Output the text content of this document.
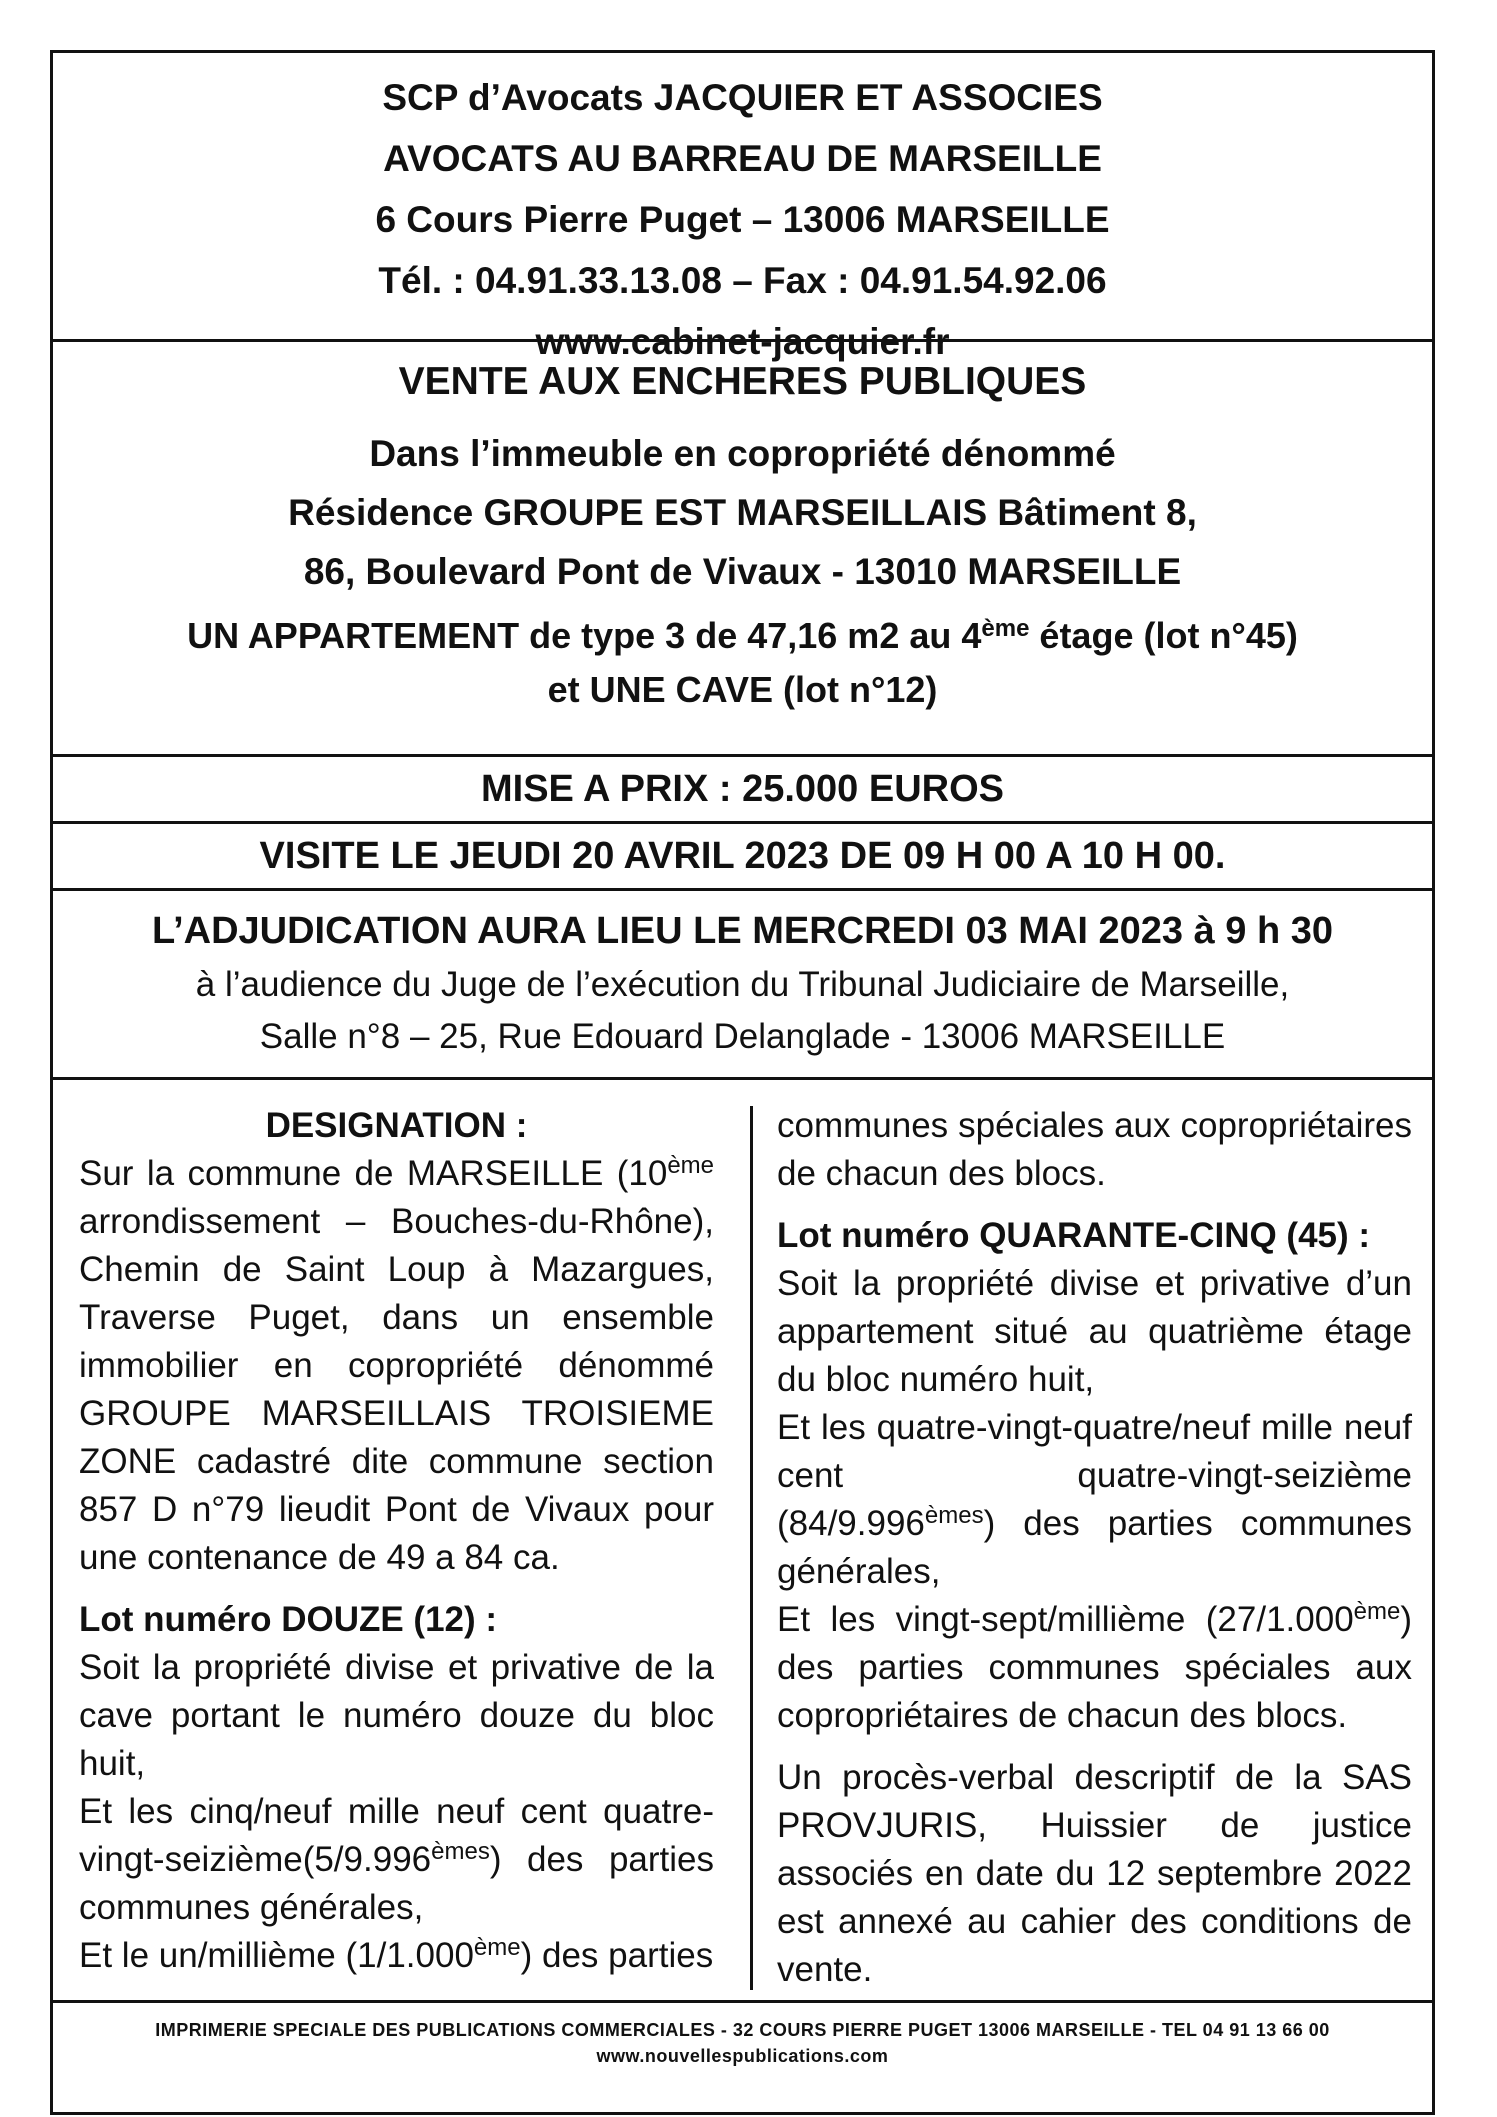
SCP d’Avocats JACQUIER ET ASSOCIES
AVOCATS AU BARREAU DE MARSEILLE
6 Cours Pierre Puget – 13006 MARSEILLE
Tél. : 04.91.33.13.08 – Fax : 04.91.54.92.06
www.cabinet-jacquier.fr
VENTE AUX ENCHERES PUBLIQUES
Dans l’immeuble en copropriété dénommé
Résidence GROUPE EST MARSEILLAIS Bâtiment 8,
86, Boulevard Pont de Vivaux - 13010 MARSEILLE
UN APPARTEMENT de type 3 de 47,16 m2 au 4ème étage (lot n°45)
et UNE CAVE (lot n°12)
MISE A PRIX : 25.000 EUROS
VISITE LE JEUDI 20 AVRIL 2023 DE 09 H 00 A 10 H 00.
L’ADJUDICATION AURA LIEU LE MERCREDI 03 MAI 2023 à 9 h 30
à l’audience du Juge de l’exécution du Tribunal Judiciaire de Marseille,
Salle n°8 – 25, Rue Edouard Delanglade - 13006 MARSEILLE

DESIGNATION :

Sur la commune de MARSEILLE (10ème arrondissement – Bouches-du-Rhône), Chemin de Saint Loup à Mazargues, Traverse Puget, dans un ensemble immobilier en copropriété dénommé GROUPE MARSEILLAIS TROISIEME ZONE cadastré dite commune section 857 D n°79 lieudit Pont de Vivaux pour une contenance de 49 a 84 ca.

Lot numéro DOUZE (12) :

Soit la propriété divise et privative de la cave portant le numéro douze du bloc huit,

Et les cinq/neuf mille neuf cent quatre-vingt-seizième(5/9.996èmes) des parties communes générales,

Et le un/millième (1/1.000ème) des parties

communes spéciales aux copropriétaires de chacun des blocs.

Lot numéro QUARANTE-CINQ (45) :

Soit la propriété divise et privative d’un appartement situé au quatrième étage du bloc numéro huit,

Et les quatre-vingt-quatre/neuf mille neuf cent quatre-vingt-seizième (84/9.996èmes) des parties communes générales,

Et les vingt-sept/millième (27/1.000ème) des parties communes spéciales aux copropriétaires de chacun des blocs.

Un procès-verbal descriptif de la SAS PROVJURIS, Huissier de justice associés en date du 12 septembre 2022 est annexé au cahier des conditions de vente.

IMPRIMERIE SPECIALE DES PUBLICATIONS COMMERCIALES - 32 COURS PIERRE PUGET 13006 MARSEILLE - TEL 04 91 13 66 00
www.nouvellespublications.com
